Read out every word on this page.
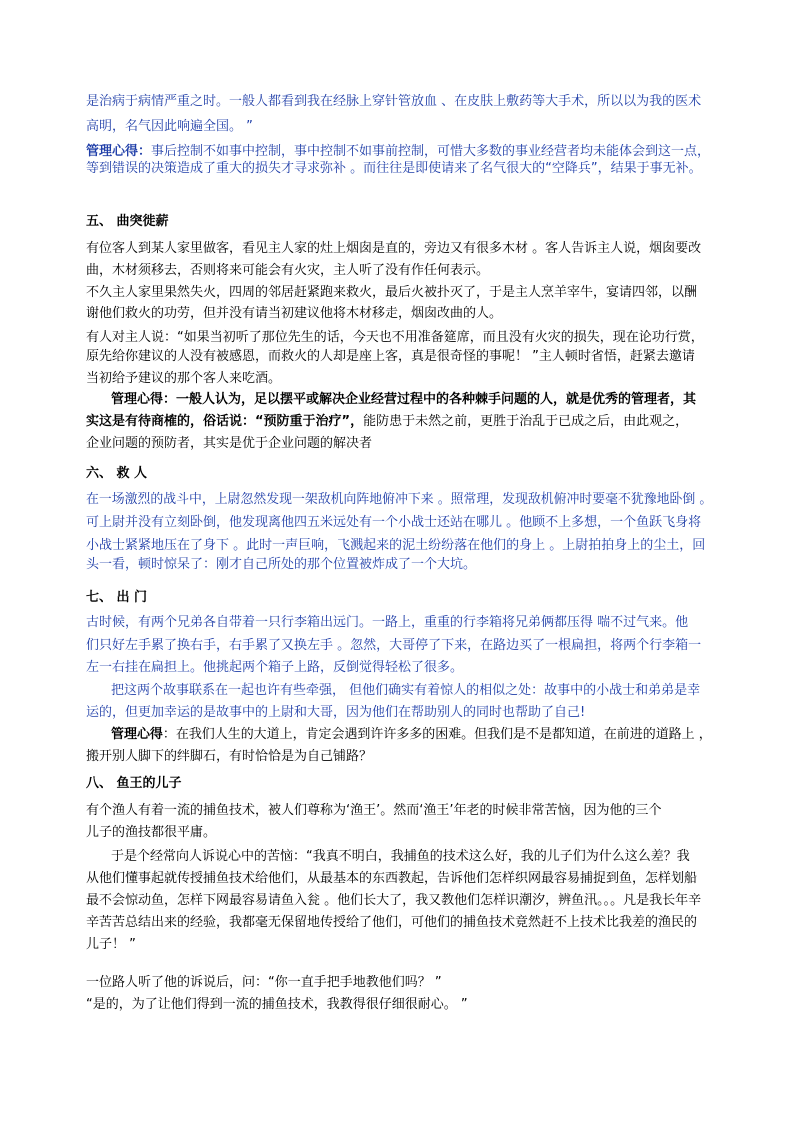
是治病于病情严重之时。一般人都看到我在经脉上穿针管放血 、在皮肤上敷药等大手术，所以以为我的医术
高明，名气因此响遍全国。 ”
管理心得：事后控制不如事中控制，事中控制不如事前控制，可惜大多数的事业经营者均未能体会到这一点，
等到错误的决策造成了重大的损失才寻求弥补 。而往往是即使请来了名气很大的“空降兵”，结果于事无补。
五、 曲突徙薪
有位客人到某人家里做客，看见主人家的灶上烟囱是直的，旁边又有很多木材 。客人告诉主人说，烟囱要改
曲，木材须移去，否则将来可能会有火灾，主人听了没有作任何表示。
不久主人家里果然失火，四周的邻居赶紧跑来救火，最后火被扑灭了，于是主人烹羊宰牛，宴请四邻，以酬
谢他们救火的功劳，但并没有请当初建议他将木材移走，烟囱改曲的人。
有人对主人说：“如果当初听了那位先生的话，今天也不用准备筵席，而且没有火灾的损失，现在论功行赏，
原先给你建议的人没有被感恩，而救火的人却是座上客，真是很奇怪的事呢！ ”主人顿时省悟，赶紧去邀请
当初给予建议的那个客人来吃酒。
管理心得：一般人认为，足以摆平或解决企业经营过程中的各种棘手问题的人，就是优秀的管理者，其
实这是有待商榷的，俗话说：“预防重于治疗”，能防患于未然之前，更胜于治乱于已成之后，由此观之，
企业问题的预防者，其实是优于企业问题的解决者
六、 救 人
在一场激烈的战斗中，上尉忽然发现一架敌机向阵地俯冲下来 。照常理，发现敌机俯冲时要毫不犹豫地卧倒 。
可上尉并没有立刻卧倒，他发现离他四五米远处有一个小战士还站在哪儿 。他顾不上多想，一个鱼跃飞身将
小战士紧紧地压在了身下 。此时一声巨响，飞溅起来的泥土纷纷落在他们的身上 。上尉拍拍身上的尘土，回
头一看，顿时惊呆了：刚才自己所处的那个位置被炸成了一个大坑。
七、 出 门
古时候，有两个兄弟各自带着一只行李箱出远门。一路上，重重的行李箱将兄弟俩都压得 喘不过气来。他
们只好左手累了换右手，右手累了又换左手 。忽然，大哥停了下来，在路边买了一根扁担，将两个行李箱一
左一右挂在扁担上。他挑起两个箱子上路，反倒觉得轻松了很多。
把这两个故事联系在一起也许有些牵强， 但他们确实有着惊人的相似之处：故事中的小战士和弟弟是幸
运的，但更加幸运的是故事中的上尉和大哥，因为他们在帮助别人的同时也帮助了自己!
管理心得：在我们人生的大道上，肯定会遇到许许多多的困难。但我们是不是都知道，在前进的道路上 ，
搬开别人脚下的绊脚石，有时恰恰是为自己铺路？
八、 鱼王的儿子
有个渔人有着一流的捕鱼技术，被人们尊称为‘渔王’。然而‘渔王’年老的时候非常苦恼，因为他的三个
儿子的渔技都很平庸。
于是个经常向人诉说心中的苦恼：“我真不明白，我捕鱼的技术这么好，我的儿子们为什么这么差？我
从他们懂事起就传授捕鱼技术给他们，从最基本的东西教起，告诉他们怎样织网最容易捕捉到鱼，怎样划船
最不会惊动鱼，怎样下网最容易请鱼入瓮 。他们长大了，我又教他们怎样识潮汐，辨鱼汛。。。凡是我长年辛
辛苦苦总结出来的经验，我都毫无保留地传授给了他们，可他们的捕鱼技术竟然赶不上技术比我差的渔民的
儿子！ ”
一位路人听了他的诉说后，问：“你一直手把手地教他们吗？ ”
“是的，为了让他们得到一流的捕鱼技术，我教得很仔细很耐心。 ”
